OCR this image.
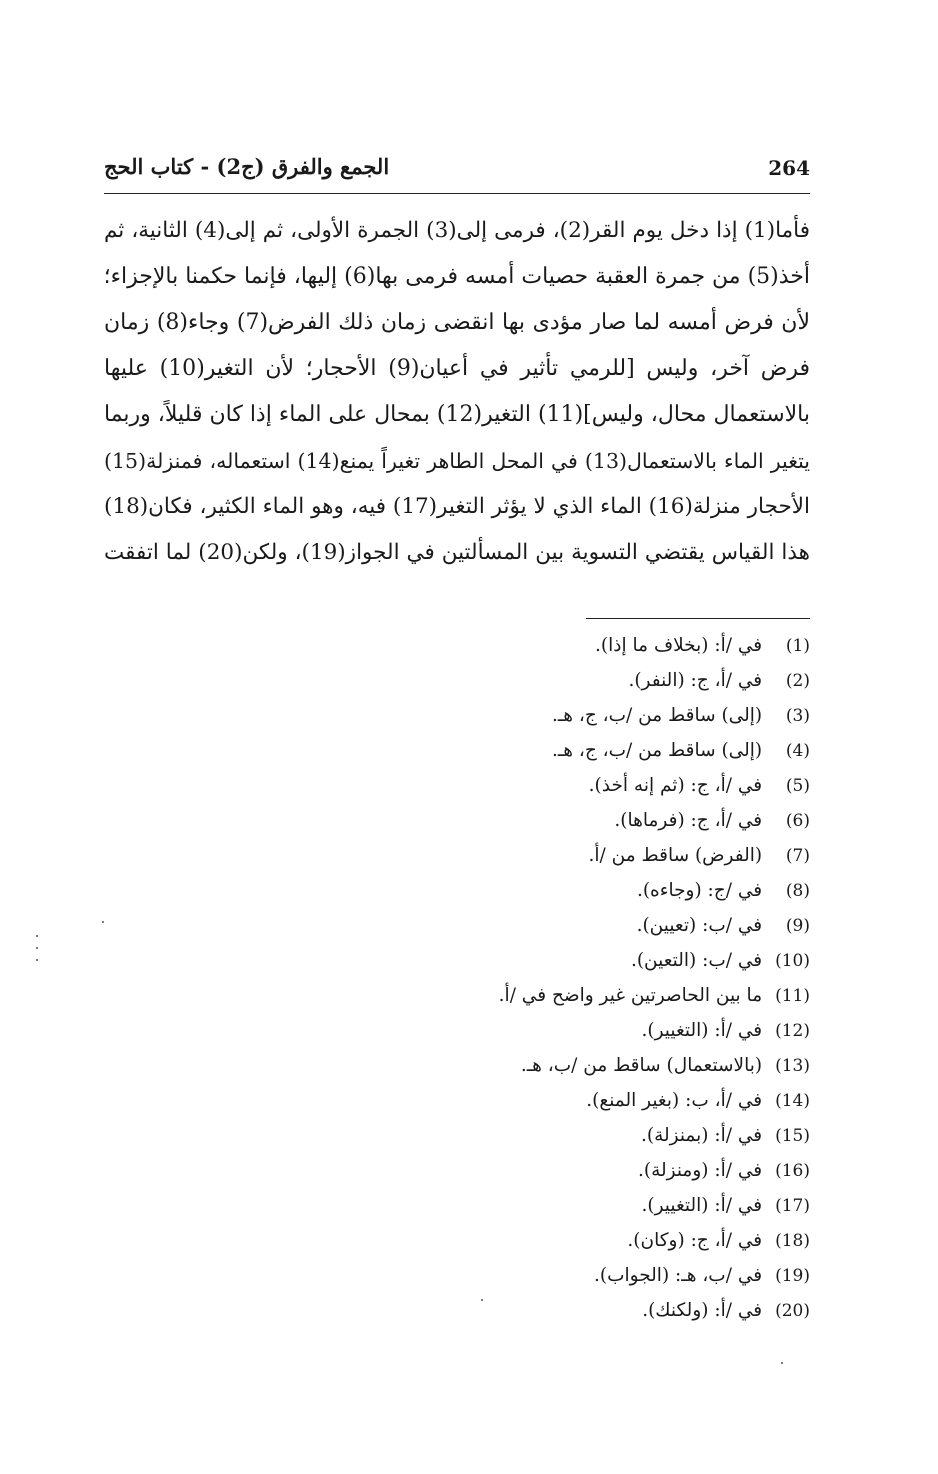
264
الجمع والفرق (ج2) - كتاب الحج
فأما(1) إذا دخل يوم القر(2)، فرمى إلى(3) الجمرة الأولى، ثم إلى(4) الثانية، ثم
أخذ(5) من جمرة العقبة حصيات أمسه فرمى بها(6) إليها، فإنما حكمنا بالإجزاء؛
لأن فرض أمسه لما صار مؤدى بها انقضى زمان ذلك الفرض(7) وجاء(8) زمان
فرض آخر، وليس [للرمي تأثير في أعيان(9) الأحجار؛ لأن التغير(10) عليها
بالاستعمال محال، وليس](11) التغير(12) بمحال على الماء إذا كان قليلاً، وربما
يتغير الماء بالاستعمال(13) في المحل الطاهر تغيراً يمنع(14) استعماله، فمنزلة(15)
الأحجار منزلة(16) الماء الذي لا يؤثر التغير(17) فيه، وهو الماء الكثير، فكان(18)
هذا القياس يقتضي التسوية بين المسألتين في الجواز(19)، ولكن(20) لما اتفقت
(1) في /أ: (بخلاف ما إذا).
(2) في /أ، ج: (النفر).
(3) (إلى) ساقط من /ب، ج، هـ.
(4) (إلى) ساقط من /ب، ج، هـ.
(5) في /أ، ج: (ثم إنه أخذ).
(6) في /أ، ج: (فرماها).
(7) (الفرض) ساقط من /أ.
(8) في /ج: (وجاءه).
(9) في /ب: (تعيين).
(10) في /ب: (التعين).
(11) ما بين الحاصرتين غير واضح في /أ.
(12) في /أ: (التغيير).
(13) (بالاستعمال) ساقط من /ب، هـ.
(14) في /أ، ب: (بغير المنع).
(15) في /أ: (بمنزلة).
(16) في /أ: (ومنزلة).
(17) في /أ: (التغيير).
(18) في /أ، ج: (وكان).
(19) في /ب، هـ: (الجواب).
(20) في /أ: (ولكنك).
